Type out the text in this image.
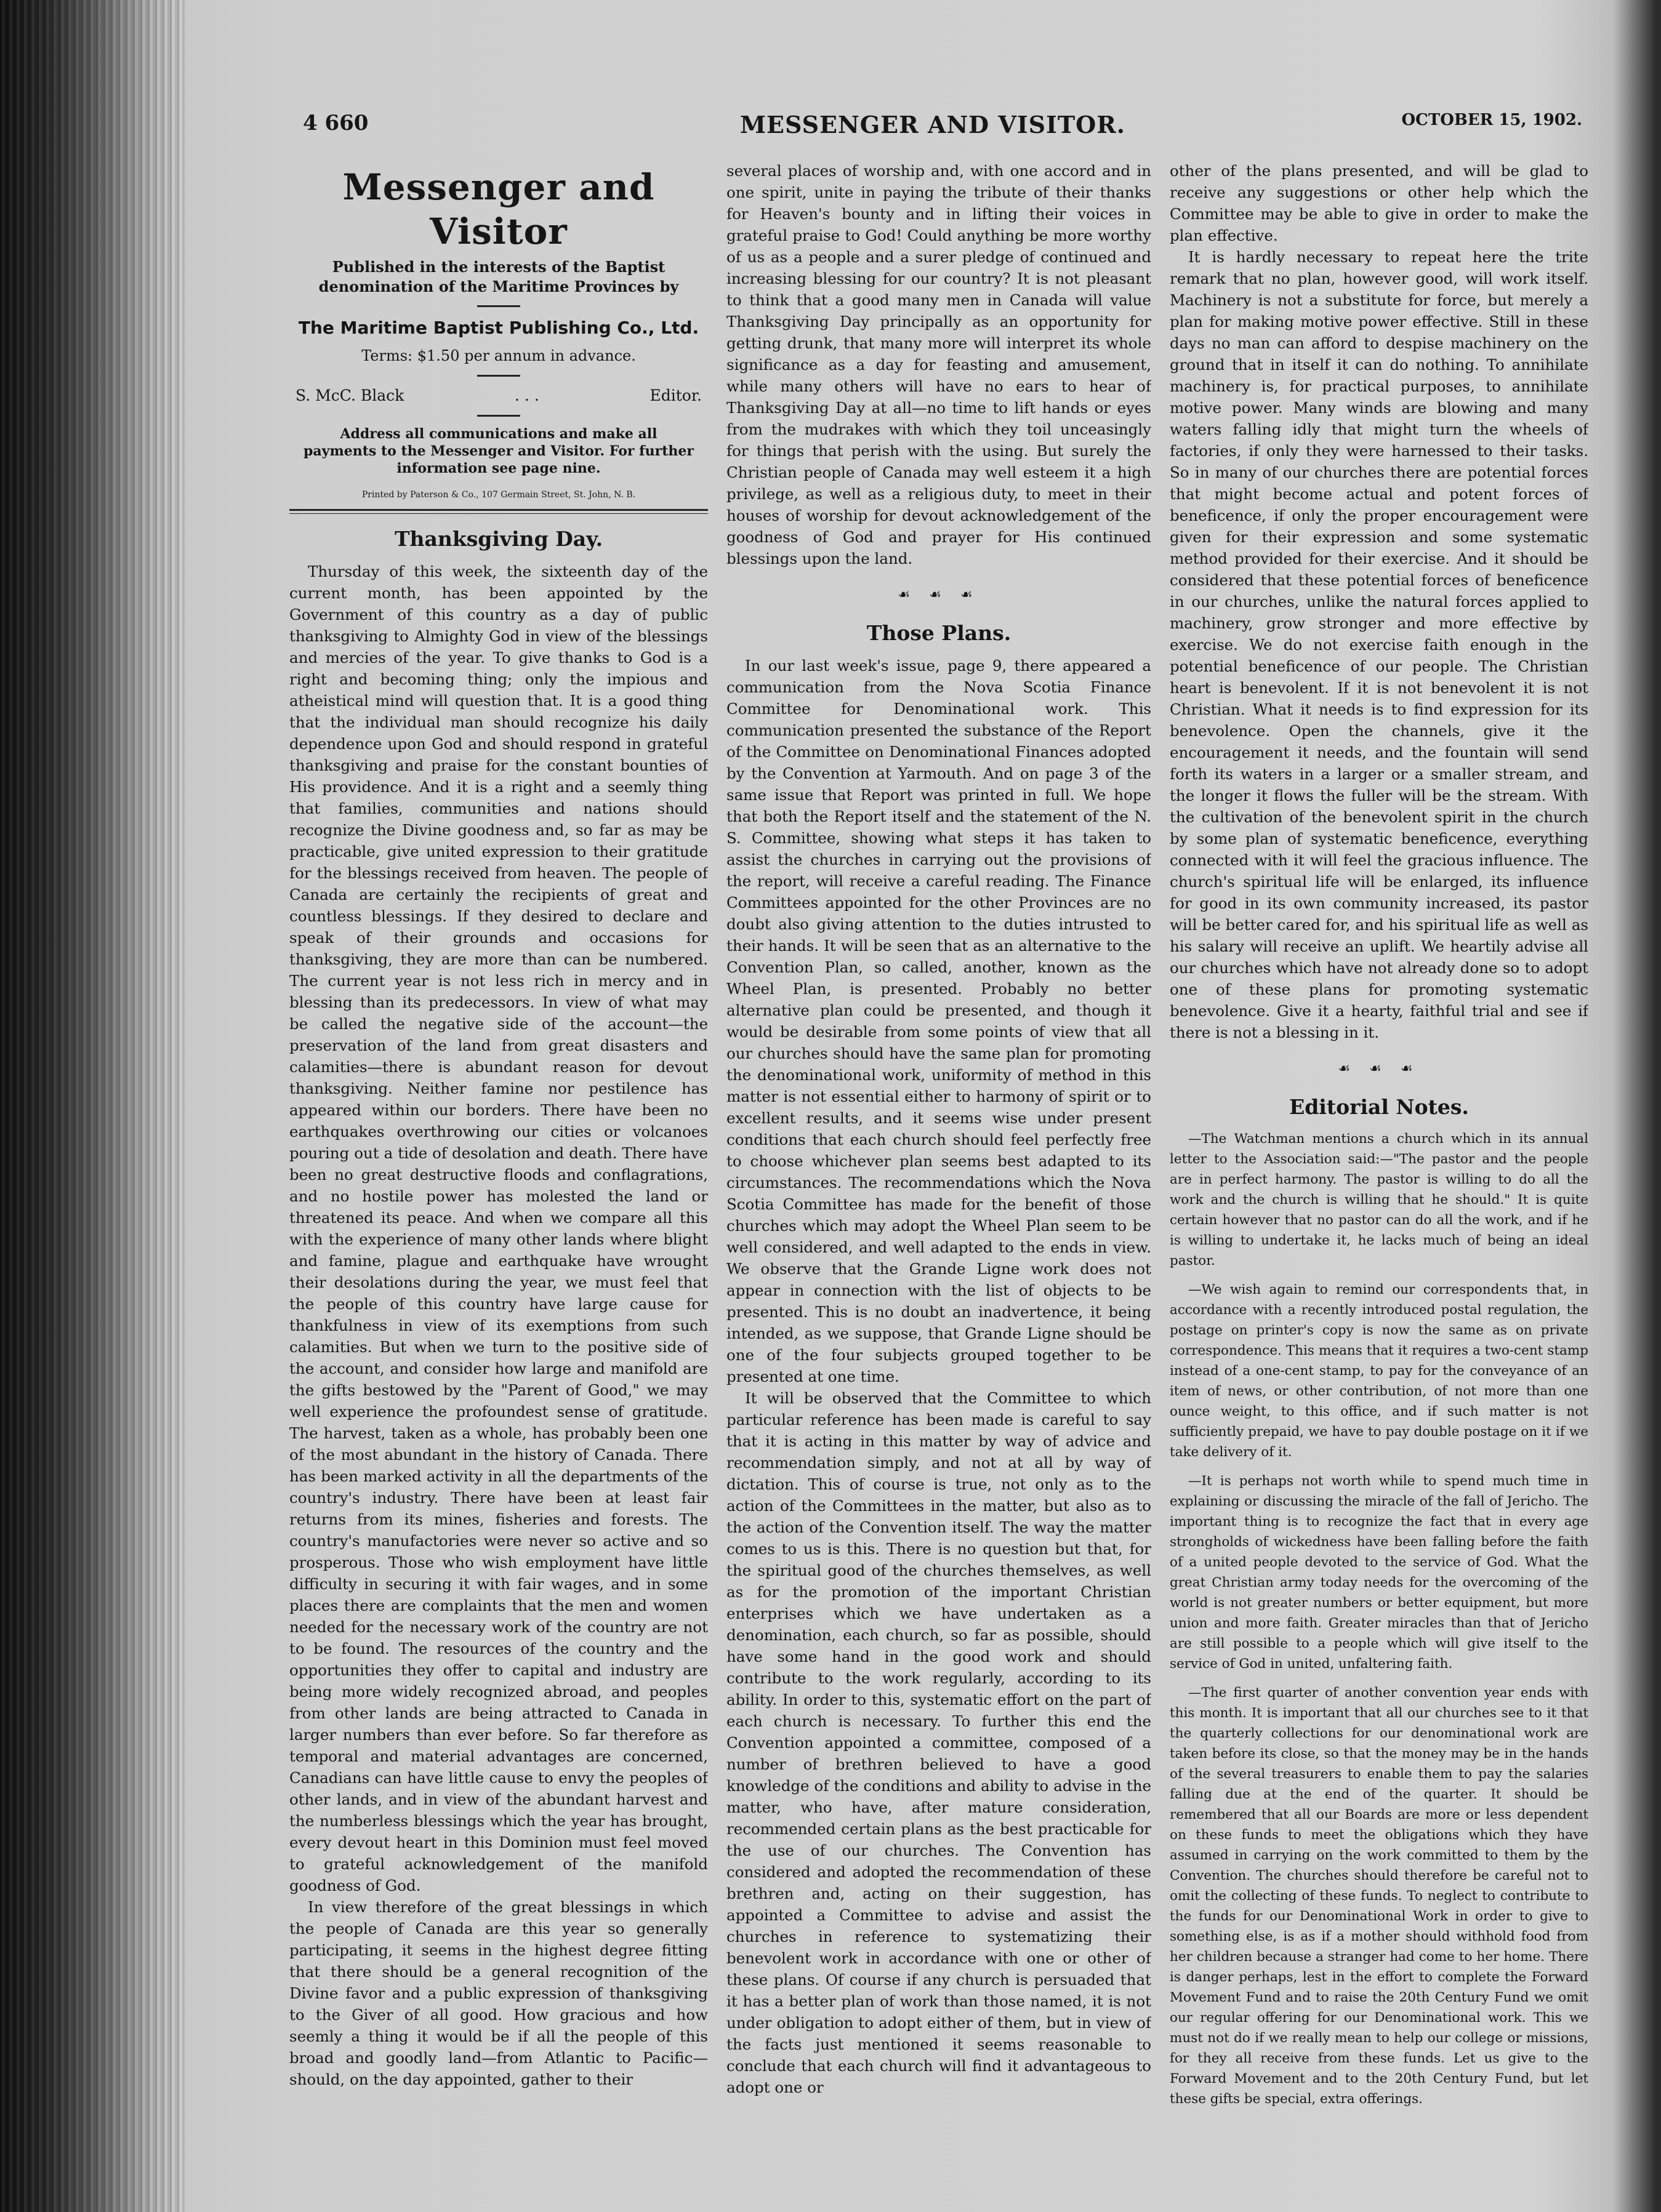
4 660	MESSENGER AND VISITOR.	OCTOBER 15, 1902.
Messenger and Visitor
Published in the interests of the Baptist denomination of the Maritime Provinces by
The Maritime Baptist Publishing Co., Ltd.
Terms: $1.50 per annum in advance.
S. McC. Black	. . .	Editor.
Address all communications and make all payments to the Messenger and Visitor. For further information see page nine.
Printed by Paterson & Co., 107 Germain Street, St. John, N. B.
Thanksgiving Day.

Thursday of this week, the sixteenth day of the current month, has been appointed by the Government of this country as a day of public thanksgiving to Almighty God in view of the blessings and mercies of the year. To give thanks to God is a right and becoming thing; only the impious and atheistical mind will question that. It is a good thing that the individual man should recognize his daily dependence upon God and should respond in grateful thanksgiving and praise for the constant bounties of His providence. And it is a right and a seemly thing that families, communities and nations should recognize the Divine goodness and, so far as may be practicable, give united expression to their gratitude for the blessings received from heaven. The people of Canada are certainly the recipients of great and countless blessings. If they desired to declare and speak of their grounds and occasions for thanksgiving, they are more than can be numbered. The current year is not less rich in mercy and in blessing than its predecessors. In view of what may be called the negative side of the account—the preservation of the land from great disasters and calamities—there is abundant reason for devout thanksgiving. Neither famine nor pestilence has appeared within our borders. There have been no earthquakes overthrowing our cities or volcanoes pouring out a tide of desolation and death. There have been no great destructive floods and conflagrations, and no hostile power has molested the land or threatened its peace. And when we compare all this with the experience of many other lands where blight and famine, plague and earthquake have wrought their desolations during the year, we must feel that the people of this country have large cause for thankfulness in view of its exemptions from such calamities. But when we turn to the positive side of the account, and consider how large and manifold are the gifts bestowed by the "Parent of Good," we may well experience the profoundest sense of gratitude. The harvest, taken as a whole, has probably been one of the most abundant in the history of Canada. There has been marked activity in all the departments of the country's industry. There have been at least fair returns from its mines, fisheries and forests. The country's manufactories were never so active and so prosperous. Those who wish employment have little difficulty in securing it with fair wages, and in some places there are complaints that the men and women needed for the necessary work of the country are not to be found. The resources of the country and the opportunities they offer to capital and industry are being more widely recognized abroad, and peoples from other lands are being attracted to Canada in larger numbers than ever before. So far therefore as temporal and material advantages are concerned, Canadians can have little cause to envy the peoples of other lands, and in view of the abundant harvest and the numberless blessings which the year has brought, every devout heart in this Dominion must feel moved to grateful acknowledgement of the manifold goodness of God.

In view therefore of the great blessings in which the people of Canada are this year so generally participating, it seems in the highest degree fitting that there should be a general recognition of the Divine favor and a public expression of thanksgiving to the Giver of all good. How gracious and how seemly a thing it would be if all the people of this broad and goodly land—from Atlantic to Pacific—should, on the day appointed, gather to their

several places of worship and, with one accord and in one spirit, unite in paying the tribute of their thanks for Heaven's bounty and in lifting their voices in grateful praise to God! Could anything be more worthy of us as a people and a surer pledge of continued and increasing blessing for our country? It is not pleasant to think that a good many men in Canada will value Thanksgiving Day principally as an opportunity for getting drunk, that many more will interpret its whole significance as a day for feasting and amusement, while many others will have no ears to hear of Thanksgiving Day at all—no time to lift hands or eyes from the mudrakes with which they toil unceasingly for things that perish with the using. But surely the Christian people of Canada may well esteem it a high privilege, as well as a religious duty, to meet in their houses of worship for devout acknowledgement of the goodness of God and prayer for His continued blessings upon the land.

☙ ☙ ☙
Those Plans.

In our last week's issue, page 9, there appeared a communication from the Nova Scotia Finance Committee for Denominational work. This communication presented the substance of the Report of the Committee on Denominational Finances adopted by the Convention at Yarmouth. And on page 3 of the same issue that Report was printed in full. We hope that both the Report itself and the statement of the N. S. Committee, showing what steps it has taken to assist the churches in carrying out the provisions of the report, will receive a careful reading. The Finance Committees appointed for the other Provinces are no doubt also giving attention to the duties intrusted to their hands. It will be seen that as an alternative to the Convention Plan, so called, another, known as the Wheel Plan, is presented. Probably no better alternative plan could be presented, and though it would be desirable from some points of view that all our churches should have the same plan for promoting the denominational work, uniformity of method in this matter is not essential either to harmony of spirit or to excellent results, and it seems wise under present conditions that each church should feel perfectly free to choose whichever plan seems best adapted to its circumstances. The recommendations which the Nova Scotia Committee has made for the benefit of those churches which may adopt the Wheel Plan seem to be well considered, and well adapted to the ends in view. We observe that the Grande Ligne work does not appear in connection with the list of objects to be presented. This is no doubt an inadvertence, it being intended, as we suppose, that Grande Ligne should be one of the four subjects grouped together to be presented at one time.

It will be observed that the Committee to which particular reference has been made is careful to say that it is acting in this matter by way of advice and recommendation simply, and not at all by way of dictation. This of course is true, not only as to the action of the Committees in the matter, but also as to the action of the Convention itself. The way the matter comes to us is this. There is no question but that, for the spiritual good of the churches themselves, as well as for the promotion of the important Christian enterprises which we have undertaken as a denomination, each church, so far as possible, should have some hand in the good work and should contribute to the work regularly, according to its ability. In order to this, systematic effort on the part of each church is necessary. To further this end the Convention appointed a committee, composed of a number of brethren believed to have a good knowledge of the conditions and ability to advise in the matter, who have, after mature consideration, recommended certain plans as the best practicable for the use of our churches. The Convention has considered and adopted the recommendation of these brethren and, acting on their suggestion, has appointed a Committee to advise and assist the churches in reference to systematizing their benevolent work in accordance with one or other of these plans. Of course if any church is persuaded that it has a better plan of work than those named, it is not under obligation to adopt either of them, but in view of the facts just mentioned it seems reasonable to conclude that each church will find it advantageous to adopt one or

other of the plans presented, and will be glad to receive any suggestions or other help which the Committee may be able to give in order to make the plan effective.

It is hardly necessary to repeat here the trite remark that no plan, however good, will work itself. Machinery is not a substitute for force, but merely a plan for making motive power effective. Still in these days no man can afford to despise machinery on the ground that in itself it can do nothing. To annihilate machinery is, for practical purposes, to annihilate motive power. Many winds are blowing and many waters falling idly that might turn the wheels of factories, if only they were harnessed to their tasks. So in many of our churches there are potential forces that might become actual and potent forces of beneficence, if only the proper encouragement were given for their expression and some systematic method provided for their exercise. And it should be considered that these potential forces of beneficence in our churches, unlike the natural forces applied to machinery, grow stronger and more effective by exercise. We do not exercise faith enough in the potential beneficence of our people. The Christian heart is benevolent. If it is not benevolent it is not Christian. What it needs is to find expression for its benevolence. Open the channels, give it the encouragement it needs, and the fountain will send forth its waters in a larger or a smaller stream, and the longer it flows the fuller will be the stream. With the cultivation of the benevolent spirit in the church by some plan of systematic beneficence, everything connected with it will feel the gracious influence. The church's spiritual life will be enlarged, its influence for good in its own community increased, its pastor will be better cared for, and his spiritual life as well as his salary will receive an uplift. We heartily advise all our churches which have not already done so to adopt one of these plans for promoting systematic benevolence. Give it a hearty, faithful trial and see if there is not a blessing in it.

☙ ☙ ☙
Editorial Notes.

—The Watchman mentions a church which in its annual letter to the Association said:—"The pastor and the people are in perfect harmony. The pastor is willing to do all the work and the church is willing that he should." It is quite certain however that no pastor can do all the work, and if he is willing to undertake it, he lacks much of being an ideal pastor.

—We wish again to remind our correspondents that, in accordance with a recently introduced postal regulation, the postage on printer's copy is now the same as on private correspondence. This means that it requires a two-cent stamp instead of a one-cent stamp, to pay for the conveyance of an item of news, or other contribution, of not more than one ounce weight, to this office, and if such matter is not sufficiently prepaid, we have to pay double postage on it if we take delivery of it.

—It is perhaps not worth while to spend much time in explaining or discussing the miracle of the fall of Jericho. The important thing is to recognize the fact that in every age strongholds of wickedness have been falling before the faith of a united people devoted to the service of God. What the great Christian army today needs for the overcoming of the world is not greater numbers or better equipment, but more union and more faith. Greater miracles than that of Jericho are still possible to a people which will give itself to the service of God in united, unfaltering faith.

—The first quarter of another convention year ends with this month. It is important that all our churches see to it that the quarterly collections for our denominational work are taken before its close, so that the money may be in the hands of the several treasurers to enable them to pay the salaries falling due at the end of the quarter. It should be remembered that all our Boards are more or less dependent on these funds to meet the obligations which they have assumed in carrying on the work committed to them by the Convention. The churches should therefore be careful not to omit the collecting of these funds. To neglect to contribute to the funds for our Denominational Work in order to give to something else, is as if a mother should withhold food from her children because a stranger had come to her home. There is danger perhaps, lest in the effort to complete the Forward Movement Fund and to raise the 20th Century Fund we omit our regular offering for our Denominational work. This we must not do if we really mean to help our college or missions, for they all receive from these funds. Let us give to the Forward Movement and to the 20th Century Fund, but let these gifts be special, extra offerings.
